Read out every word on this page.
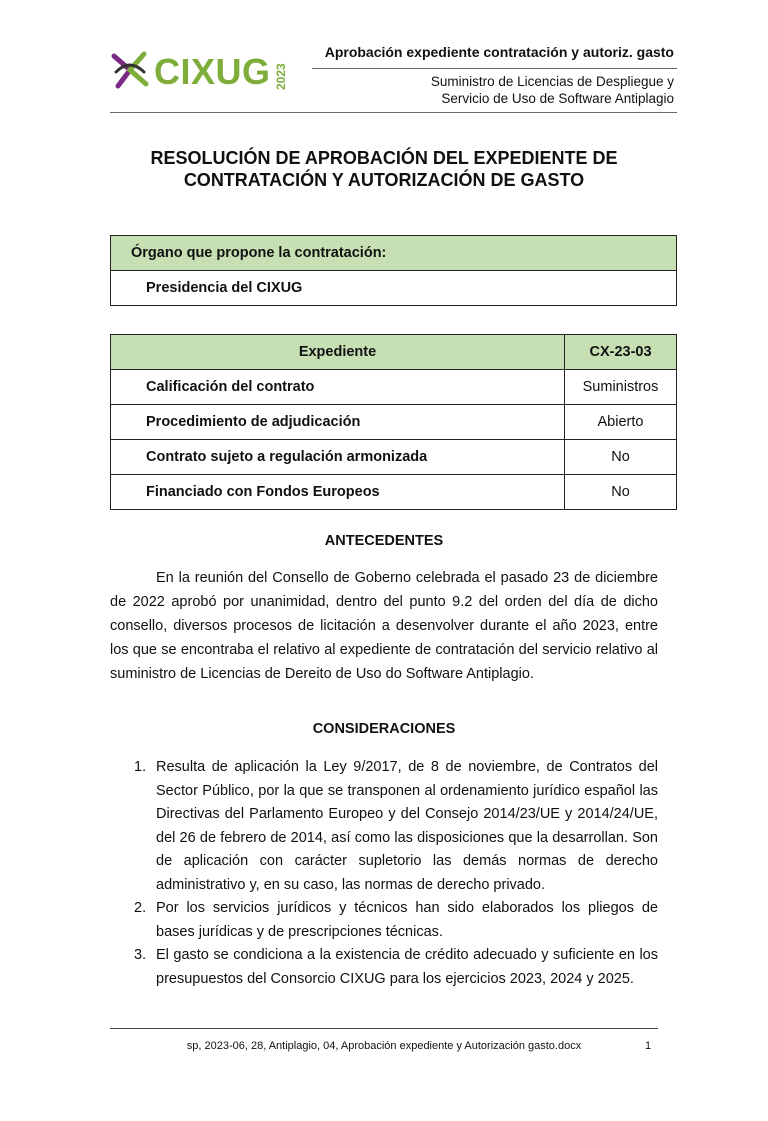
CIXUG 2023
Aprobación expediente contratación y autoriz. gasto
Suministro de Licencias de Despliegue y
Servicio de Uso de Software Antiplagio
RESOLUCIÓN DE APROBACIÓN DEL EXPEDIENTE DE
CONTRATACIÓN Y AUTORIZACIÓN DE GASTO
Órgano que propone la contratación:
Presidencia del CIXUG
Expediente	CX-23-03
Calificación del contrato	Suministros
Procedimiento de adjudicación	Abierto
Contrato sujeto a regulación armonizada	No
Financiado con Fondos Europeos	No
ANTECEDENTES

En la reunión del Consello de Goberno celebrada el pasado 23 de diciembre de 2022 aprobó por unanimidad, dentro del punto 9.2 del orden del día de dicho consello, diversos procesos de licitación a desenvolver durante el año 2023, entre los que se encontraba el relativo al expediente de contratación del servicio relativo al suministro de Licencias de Dereito de Uso do Software Antiplagio.

CONSIDERACIONES
1. Resulta de aplicación la Ley 9/2017, de 8 de noviembre, de Contratos del Sector Público, por la que se transponen al ordenamiento jurídico español las Directivas del Parlamento Europeo y del Consejo 2014/23/UE y 2014/24/UE, del 26 de febrero de 2014, así como las disposiciones que la desarrollan. Son de aplicación con carácter supletorio las demás normas de derecho administrativo y, en su caso, las normas de derecho privado.
2. Por los servicios jurídicos y técnicos han sido elaborados los pliegos de bases jurídicas y de prescripciones técnicas.
3. El gasto se condiciona a la existencia de crédito adecuado y suficiente en los presupuestos del Consorcio CIXUG para los ejercicios 2023, 2024 y 2025.
sp, 2023-06, 28, Antiplagio, 04, Aprobación expediente y Autorización gasto.docx	1
